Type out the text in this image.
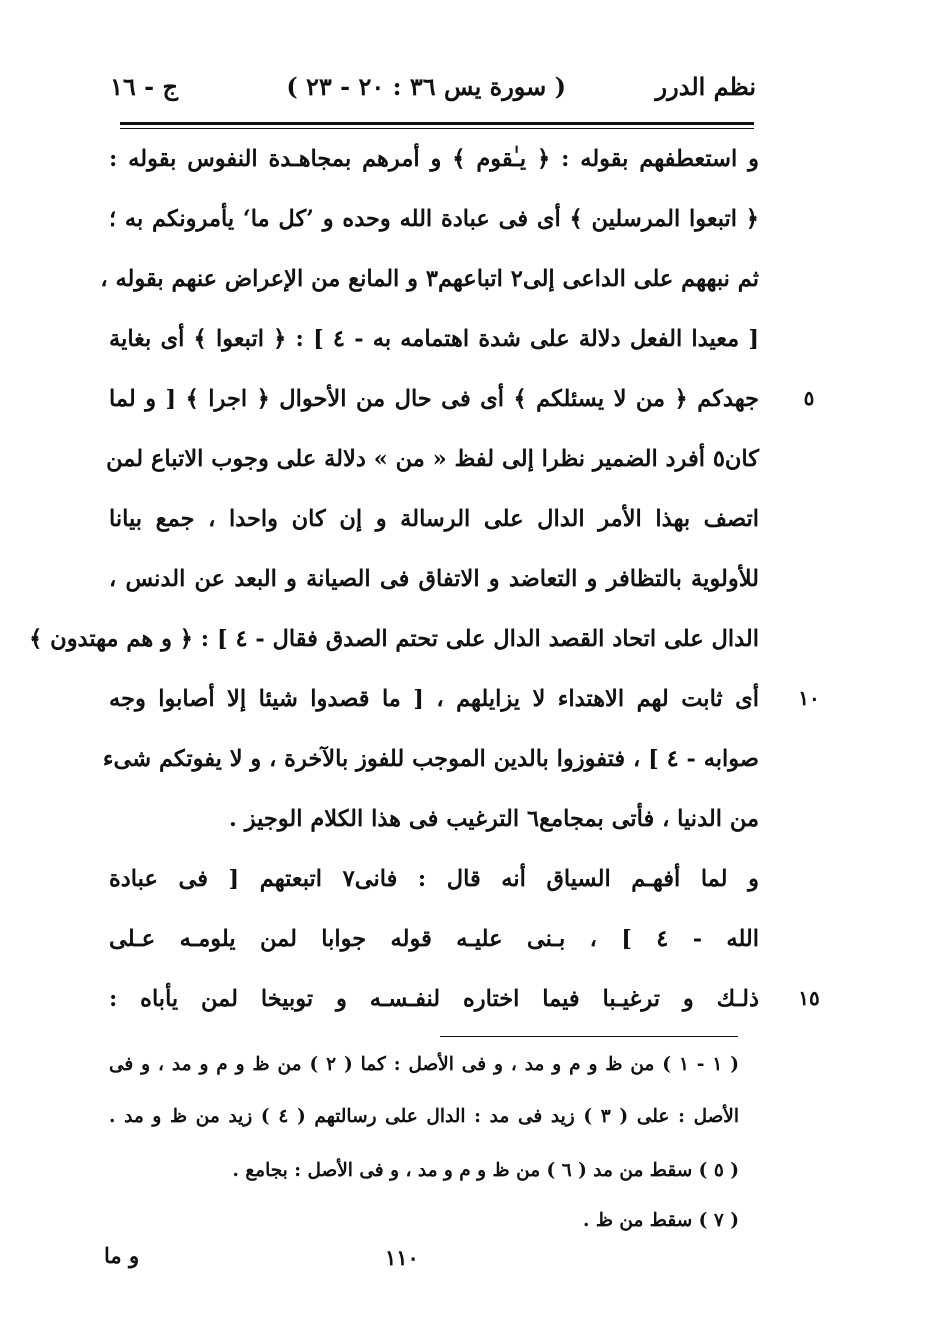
نظم الدرر
( سورة يس ٣٦ : ٢٠ - ٢٣ )
ج - ١٦
و استعطفهم بقوله : ﴿ يـٰقوم ﴾ و أمرهم بمجاهـدة النفوس بقوله :
﴿ اتبعوا المرسلين ﴾ أى فى عبادة الله وحده و ’كل ما‘ يأمرونكم به ؛
ثم نبههم على الداعى إلى٢ اتباعهم٣ و المانع من الإعراض عنهم بقوله ،
[ معيدا الفعل دلالة على شدة اهتمامه به - ٤ ] : ﴿ اتبعوا ﴾ أى بغاية
جهدكم ﴿ من لا يسئلكم ﴾ أى فى حال من الأحوال ﴿ اجرا ﴾ [ و لما	٥
كان٥ أفرد الضمير نظرا إلى لفظ « من » دلالة على وجوب الاتباع لمن
اتصف بهذا الأمر الدال على الرسالة و إن كان واحدا ، جمع بيانا
للأولوية بالتظافر و التعاضد و الاتفاق فى الصيانة و البعد عن الدنس ،
الدال على اتحاد القصد الدال على تحتم الصدق فقال - ٤ ] : ﴿ و هم مهتدون ﴾
أى ثابت لهم الاهتداء لا يزايلهم ، [ ما قصدوا شيئا إلا أصابوا وجه	١٠
صوابه - ٤ ] ، فتفوزوا بالدين الموجب للفوز بالآخرة ، و لا يفوتكم شىء
من الدنيا ، فأتى بمجامع٦ الترغيب فى هذا الكلام الوجيز .
و لما أفهـم السياق أنه قال : فانى٧ اتبعتهم [ فى عبادة
الله - ٤ ] ، بـنى عليـه قوله جوابا لمن يلومـه عـلى
ذلـك و ترغيـبا فيما اختاره لنفـسـه و توبيخا لمن يأباه :	١٥
( ١ - ١ ) من ظ و م و مد ، و فى الأصل : كما ( ٢ ) من ظ و م و مد ، و فى
الأصل : على ( ٣ ) زيد فى مد : الدال على رسالتهم ( ٤ ) زيد من ظ و مد .
( ٥ ) سقط من مد ( ٦ ) من ظ و م و مد ، و فى الأصل : بجامع .
( ٧ ) سقط من ظ .
و ما	١١٠
